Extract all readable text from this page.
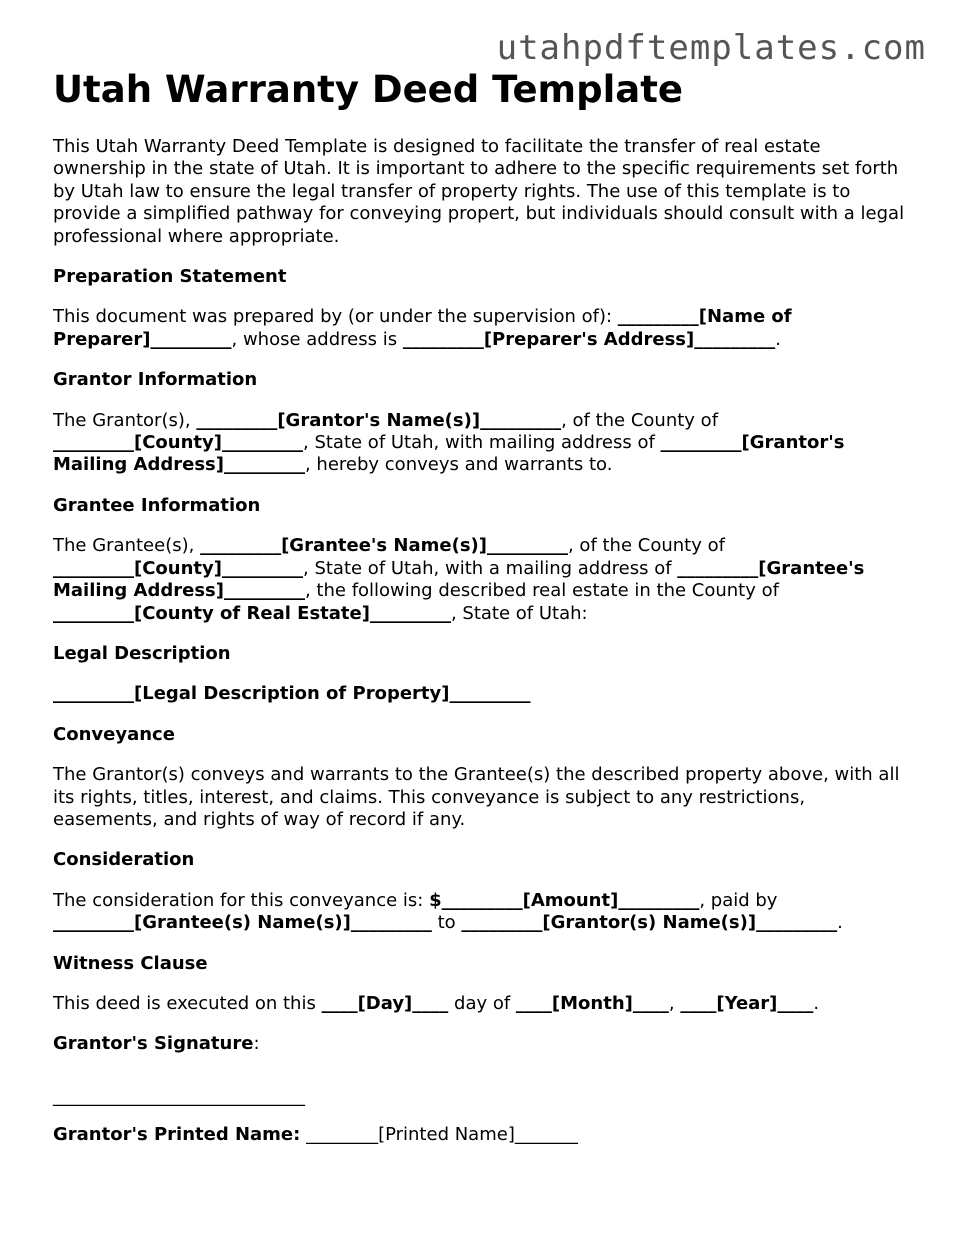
utahpdftemplates.com
Utah Warranty Deed Template

This Utah Warranty Deed Template is designed to facilitate the transfer of real estate ownership in the state of Utah. It is important to adhere to the specific requirements set forth by Utah law to ensure the legal transfer of property rights. The use of this template is to provide a simplified pathway for conveying propert, but individuals should consult with a legal professional where appropriate.

Preparation Statement

This document was prepared by (or under the supervision of): _________[Name of Preparer]_________, whose address is _________[Preparer's Address]_________.

Grantor Information

The Grantor(s), _________[Grantor's Name(s)]_________, of the County of _________[County]_________, State of Utah, with mailing address of _________[Grantor's Mailing Address]_________, hereby conveys and warrants to.

Grantee Information

The Grantee(s), _________[Grantee's Name(s)]_________, of the County of _________[County]_________, State of Utah, with a mailing address of _________[Grantee's Mailing Address]_________, the following described real estate in the County of _________[County of Real Estate]_________, State of Utah:

Legal Description

_________[Legal Description of Property]_________

Conveyance

The Grantor(s) conveys and warrants to the Grantee(s) the described property above, with all its rights, titles, interest, and claims. This conveyance is subject to any restrictions, easements, and rights of way of record if any.

Consideration

The consideration for this conveyance is: $_________[Amount]_________, paid by _________[Grantee(s) Name(s)]_________ to _________[Grantor(s) Name(s)]_________.

Witness Clause

This deed is executed on this ____[Day]____ day of ____[Month]____, ____[Year]____.

Grantor's Signature:

____________________________

Grantor's Printed Name: ________[Printed Name]_______
